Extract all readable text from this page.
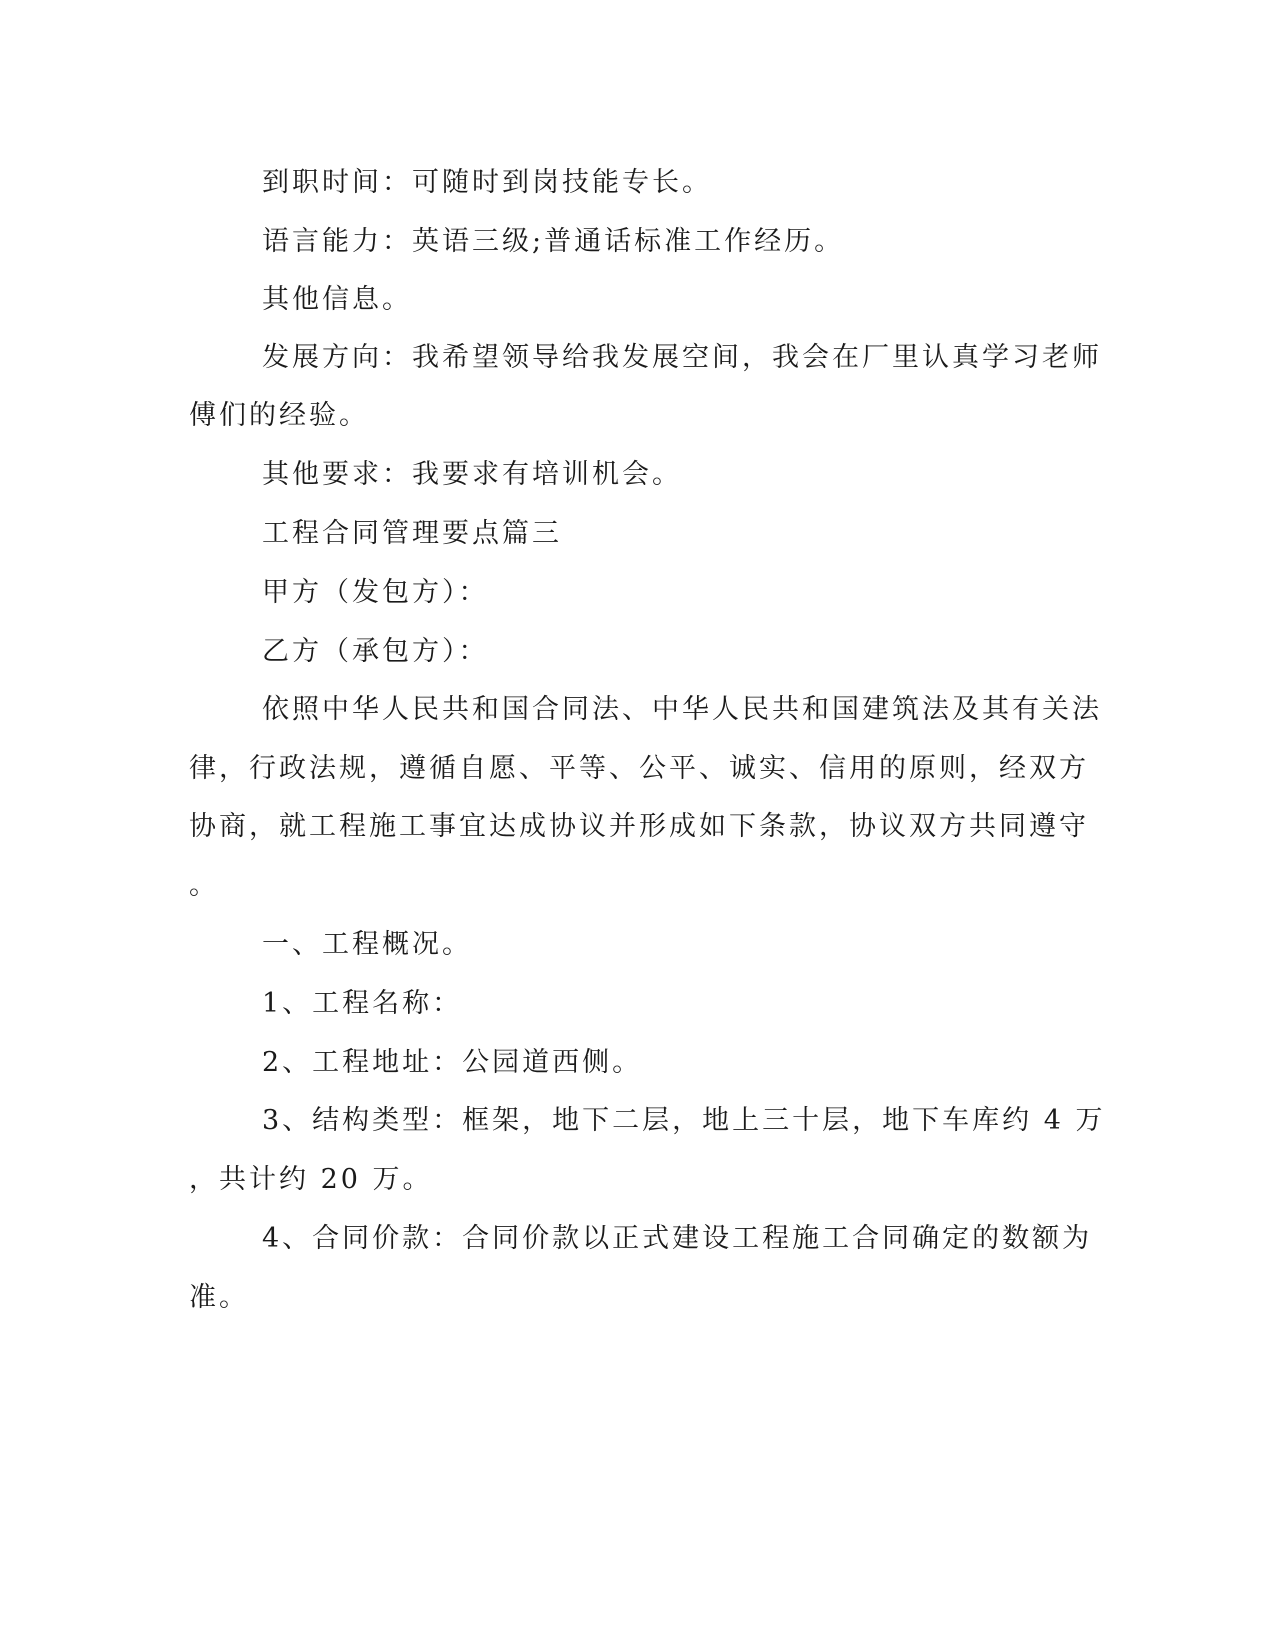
到职时间：可随时到岗技能专长。
语言能力：英语三级;普通话标准工作经历。
其他信息。
发展方向：我希望领导给我发展空间，我会在厂里认真学习老师
傅们的经验。
其他要求：我要求有培训机会。
工程合同管理要点篇三
甲方（发包方）：
乙方（承包方）：
依照中华人民共和国合同法、中华人民共和国建筑法及其有关法
律，行政法规，遵循自愿、平等、公平、诚实、信用的原则，经双方
协商，就工程施工事宜达成协议并形成如下条款，协议双方共同遵守
。
一、工程概况。
1、工程名称：
2、工程地址：公园道西侧。
3、结构类型：框架，地下二层，地上三十层，地下车库约 4 万
，共计约 20 万。
4、合同价款：合同价款以正式建设工程施工合同确定的数额为
准。
